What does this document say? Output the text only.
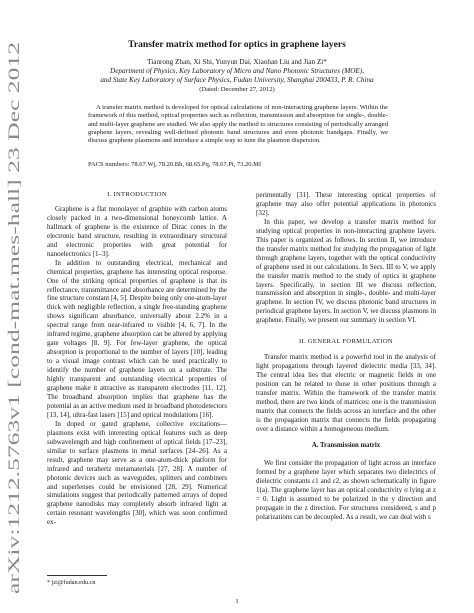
arXiv:1212.5763v1 [cond-mat.mes-hall] 23 Dec 2012
Transfer matrix method for optics in graphene layers
Tianrong Zhan, Xi Shi, Yunyun Dai, Xiaohan Liu and Jian Zi*
Department of Physics, Key Laboratory of Micro and Nano Photonic Structures (MOE),
and State Key Laboratory of Surface Physics, Fudan University, Shanghai 200433, P. R. China
(Dated: December 27, 2012)
A transfer matrix method is developed for optical calculations of non-interacting graphene layers. Within the framework of this method, optical properties such as reflection, transmission and absorption for single-, double- and multi-layer graphene are studied. We also apply the method to structures consisting of periodically arranged graphene layers, revealing well-defined photonic band structures and even photonic bandgaps. Finally, we discuss graphene plasmons and introduce a simple way to tune the plasmon dispersion.
PACS numbers: 78.67.Wj, 78.20.Bh, 68.65.Pq, 78.67.Pt, 73.20.Mf
I. INTRODUCTION

Graphene is a flat monolayer of graphite with carbon atoms closely packed in a two-dimensional honeycomb lattice. A hallmark of graphene is the existence of Dirac cones in the electronic band structure, resulting in extraordinary structural and electronic properties with great potential for nanoelectronics [1–3].

In addition to outstanding electrical, mechanical and chemical properties, graphene has interesting optical response. One of the striking optical properties of graphene is that its reflectance, transmittance and absorbance are determined by the fine structure constant [4, 5]. Despite being only one-atom-layer thick with negligible reflection, a single free-standing graphene shows significant absorbance, universally about 2.2% in a spectral range from near-infrared to visible [4, 6, 7]. In the infrared regime, graphene absorption can be altered by applying gate voltages [8, 9]. For few-layer graphene, the optical absorption is proportional to the number of layers [10], leading to a visual image contrast which can be used practically to identify the number of graphene layers on a substrate. The highly transparent and outstanding electrical properties of graphene make it attractive as transparent electrodes [11, 12]. The broadband absorption implies that graphene has the potential as an active medium used in broadband photodetectors [13, 14], ultra-fast lasers [15] and optical modulations [16].

In doped or gated graphene, collective excitations—plasmons exist with interesting optical features such as deep subwavelength and high confinement of optical fields [17–23], similar to surface plasmons in metal surfaces [24–26]. As a result, graphene may serve as a one-atom-thick platform for infrared and terahertz metamaterials [27, 28]. A number of photonic devices such as waveguides, splitters and combiners and superlenses could be envisioned [28, 29]. Numerical simulations suggest that periodically patterned arrays of doped graphene nanodisks may completely absorb infrared light at certain resonant wavelengths [30], which was soon confirmed ex-

perimentally [31]. These interesting optical properties of graphene may also offer potential applications in photonics [32].

In this paper, we develop a transfer matrix method for studying optical properties in non-interacting graphene layers. This paper is organized as follows. In section II, we introduce the transfer matrix method for studying the propagation of light through graphene layers, together with the optical conductivity of graphene used in our calculations. In Secs. III to V, we apply the transfer matrix method to the study of optics in graphene layers. Specifically, in section III we discuss reflection, transmission and absorption in single-, double- and multi-layer graphene. In section IV, we discuss photonic band structures in periodical graphene layers. In section V, we discuss plasmons in graphene. Finally, we present our summary in section VI.

II. GENERAL FORMULATION

Transfer matrix method is a powerful tool in the analysis of light propagations through layered dielectric media [33, 34]. The central idea lies that electric or magnetic fields in one position can be related to those in other positions through a transfer matrix. Within the framework of the transfer matrix method, there are two kinds of matrices: one is the transmission matrix that connects the fields across an interface and the other is the propagation matrix that connects the fields propagating over a distance within a homogeneous medium.

A. Transmission matrix

We first consider the propagation of light across an interface formed by a graphene layer which separates two dielectrics of dielectric constants ε1 and ε2, as shown schematically in figure 1(a). The graphene layer has an optical conductivity σ lying at z = 0. Light is assumed to be polarized in the y direction and propagate in the z direction. For structures considered, s and p polarizations can be decoupled. As a result, we can deal with s

* jzi@fudan.edu.cn
1
